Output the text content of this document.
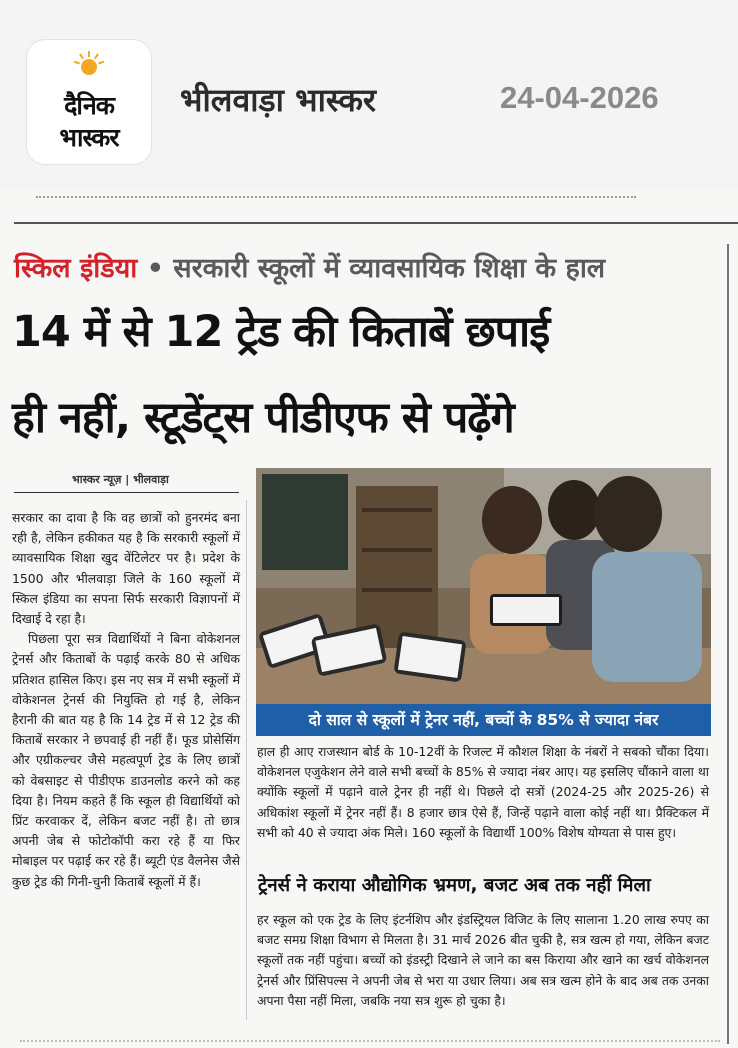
दैनिक
भास्कर
भीलवाड़ा भास्कर	24-04-2026
स्किल इंडिया • सरकारी स्कूलों में व्यावसायिक शिक्षा के हाल
14 में से 12 ट्रेड की किताबें छपाई
ही नहीं, स्टूडेंट्स पीडीएफ से पढ़ेंगे
भास्कर न्यूज़ | भीलवाड़ा

सरकार का दावा है कि वह छात्रों को हुनरमंद बना रही है, लेकिन हकीकत यह है कि सरकारी स्कूलों में व्यावसायिक शिक्षा खुद वेंटिलेटर पर है। प्रदेश के 1500 और भीलवाड़ा जिले के 160 स्कूलों में स्किल इंडिया का सपना सिर्फ सरकारी विज्ञापनों में दिखाई दे रहा है।

पिछला पूरा सत्र विद्यार्थियों ने बिना वोकेशनल ट्रेनर्स और किताबों के पढ़ाई करके 80 से अधिक प्रतिशत हासिल किए। इस नए सत्र में सभी स्कूलों में वोकेशनल ट्रेनर्स की नियुक्ति हो गई है, लेकिन हैरानी की बात यह है कि 14 ट्रेड में से 12 ट्रेड की किताबें सरकार ने छपवाई ही नहीं हैं। फूड प्रोसेसिंग और एग्रीकल्चर जैसे महत्वपूर्ण ट्रेड के लिए छात्रों को वेबसाइट से पीडीएफ डाउनलोड करने को कह दिया है। नियम कहते हैं कि स्कूल ही विद्यार्थियों को प्रिंट करवाकर दें, लेकिन बजट नहीं है। तो छात्र अपनी जेब से फोटोकॉपी करा रहे हैं या फिर मोबाइल पर पढ़ाई कर रहे हैं। ब्यूटी एंड वैलनेस जैसे कुछ ट्रेड की गिनी-चुनी किताबें स्कूलों में हैं।

दो साल से स्कूलों में ट्रेनर नहीं, बच्चों के 85% से ज्यादा नंबर

हाल ही आए राजस्थान बोर्ड के 10-12वीं के रिजल्ट में कौशल शिक्षा के नंबरों ने सबको चौंका दिया। वोकेशनल एजुकेशन लेने वाले सभी बच्चों के 85% से ज्यादा नंबर आए। यह इसलिए चौंकाने वाला था क्योंकि स्कूलों में पढ़ाने वाले ट्रेनर ही नहीं थे। पिछले दो सत्रों (2024-25 और 2025-26) से अधिकांश स्कूलों में ट्रेनर नहीं हैं। 8 हजार छात्र ऐसे हैं, जिन्हें पढ़ाने वाला कोई नहीं था। प्रैक्टिकल में सभी को 40 से ज्यादा अंक मिले। 160 स्कूलों के विद्यार्थी 100% विशेष योग्यता से पास हुए।

ट्रेनर्स ने कराया औद्योगिक भ्रमण, बजट अब तक नहीं मिला

हर स्कूल को एक ट्रेड के लिए इंटर्नशिप और इंडस्ट्रियल विजिट के लिए सालाना 1.20 लाख रुपए का बजट समग्र शिक्षा विभाग से मिलता है। 31 मार्च 2026 बीत चुकी है, सत्र खत्म हो गया, लेकिन बजट स्कूलों तक नहीं पहुंचा। बच्चों को इंडस्ट्री दिखाने ले जाने का बस किराया और खाने का खर्च वोकेशनल ट्रेनर्स और प्रिंसिपल्स ने अपनी जेब से भरा या उधार लिया। अब सत्र खत्म होने के बाद अब तक उनका अपना पैसा नहीं मिला, जबकि नया सत्र शुरू हो चुका है।
